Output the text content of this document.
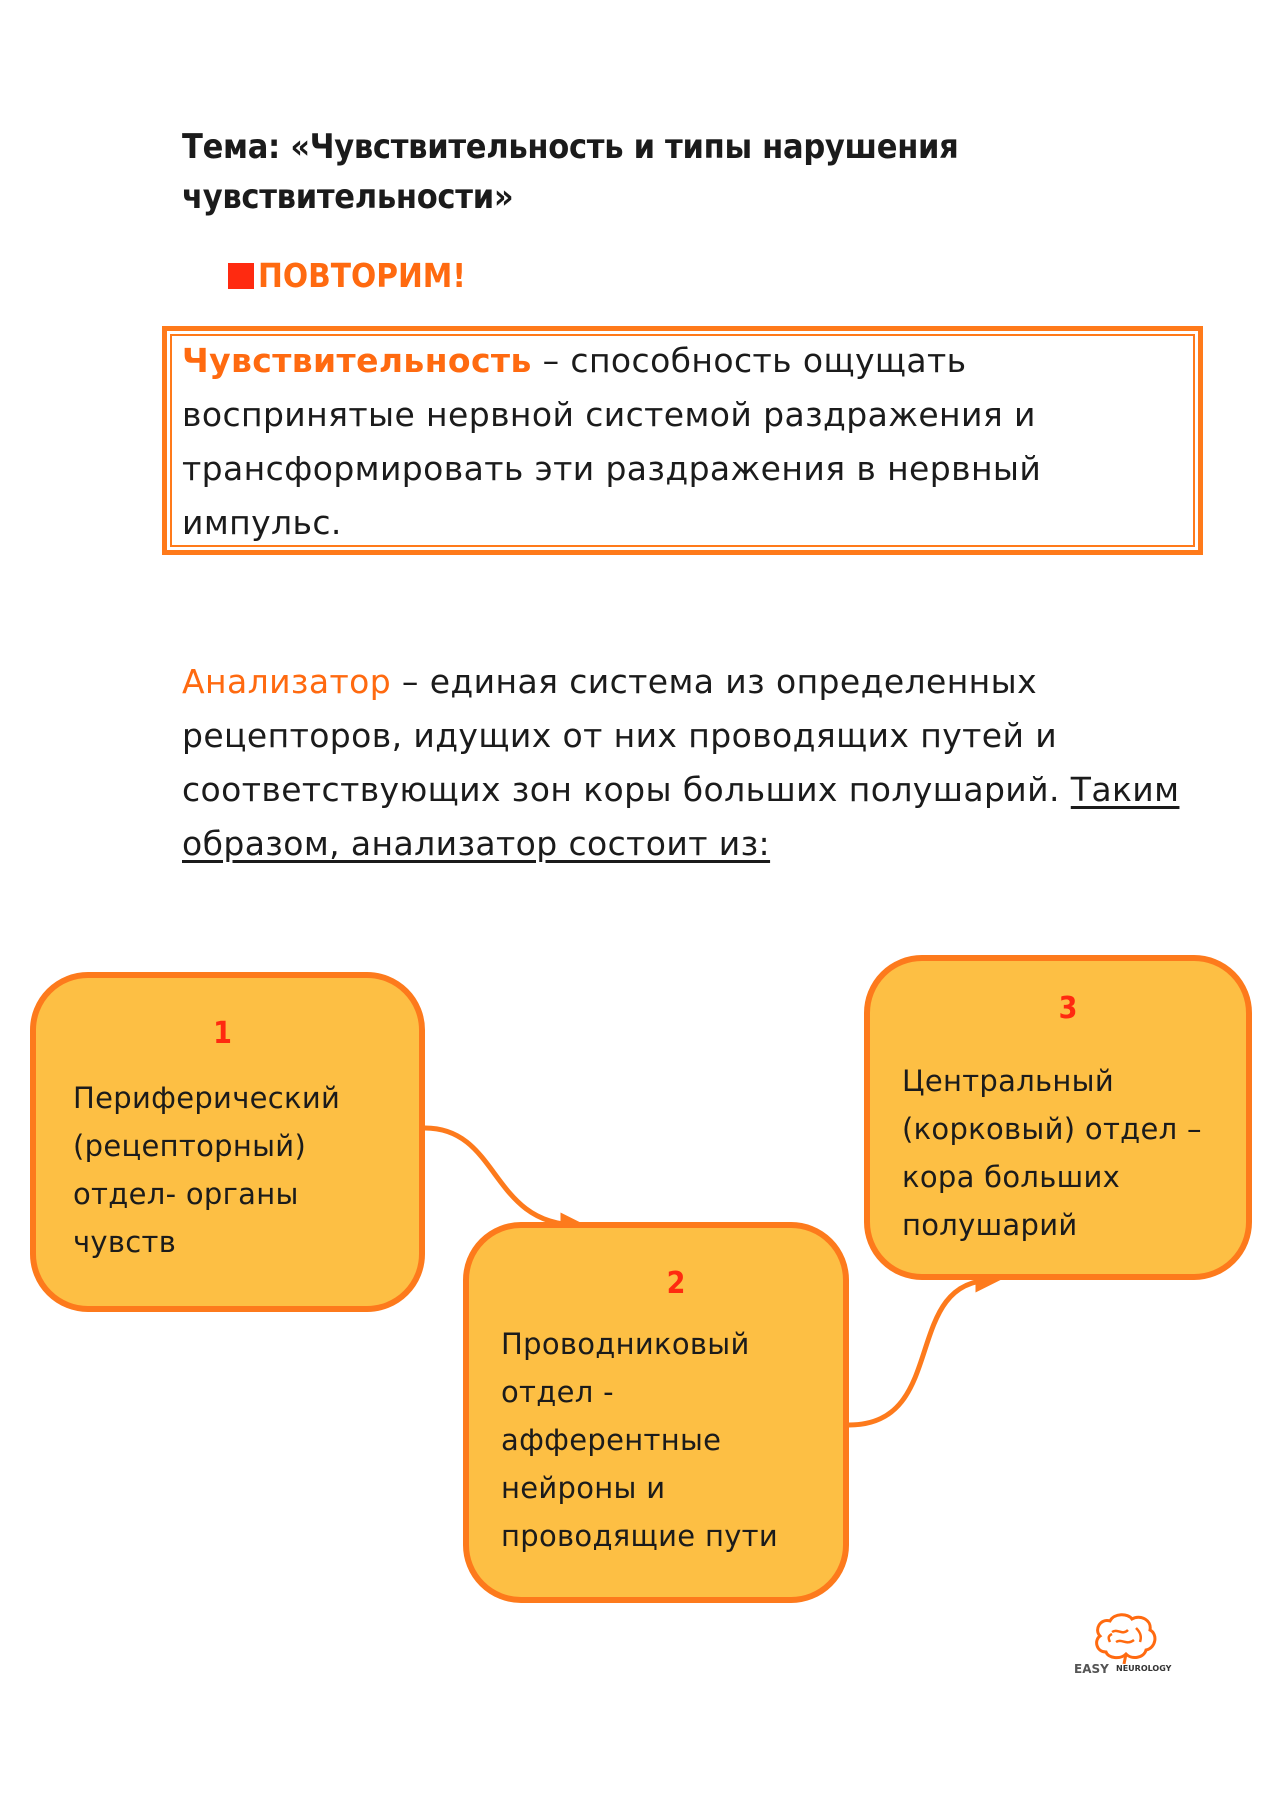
Тема: «Чувствительность и типы нарушения чувствительности»
ПОВТОРИМ!
Чувствительность – способность ощущать воспринятые нервной системой раздражения и трансформировать эти раздражения в нервный импульс.
Анализатор – единая система из определенных рецепторов, идущих от них проводящих путей и соответствующих зон коры больших полушарий. Таким образом, анализатор состоит из:
1
Периферический (рецепторный) отдел- органы чувств
2
Проводниковый отдел - афферентные нейроны и проводящие пути
3
Центральный (корковый) отдел – кора больших полушарий
EASY NEUROLOGY
